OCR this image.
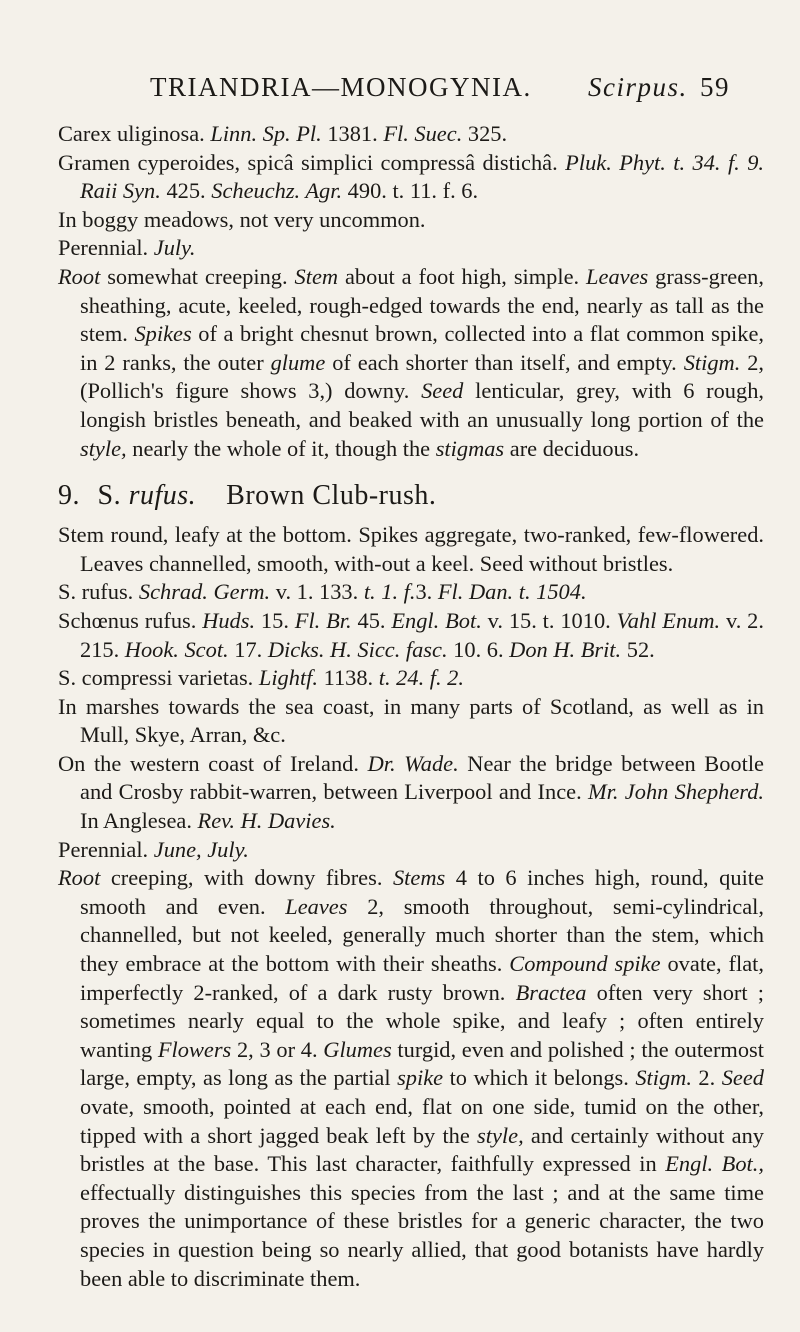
TRIANDRIA—MONOGYNIA. Scirpus. 59

Carex uliginosa. Linn. Sp. Pl. 1381. Fl. Suec. 325.

Gramen cyperoides, spicâ simplici compressâ distichâ. Pluk. Phyt. t. 34. f. 9. Raii Syn. 425. Scheuchz. Agr. 490. t. 11. f. 6.

In boggy meadows, not very uncommon.

Perennial. July.

Root somewhat creeping. Stem about a foot high, simple. Leaves grass-green, sheathing, acute, keeled, rough-edged towards the end, nearly as tall as the stem. Spikes of a bright chesnut brown, collected into a flat common spike, in 2 ranks, the outer glume of each shorter than itself, and empty. Stigm. 2, (Pollich's figure shows 3,) downy. Seed lenticular, grey, with 6 rough, longish bristles beneath, and beaked with an unusually long portion of the style, nearly the whole of it, though the stigmas are deciduous.

9. S. rufus. Brown Club-rush.

Stem round, leafy at the bottom. Spikes aggregate, two-ranked, few-flowered. Leaves channelled, smooth, with-out a keel. Seed without bristles.

S. rufus. Schrad. Germ. v. 1. 133. t. 1. f.3. Fl. Dan. t. 1504.

Schœnus rufus. Huds. 15. Fl. Br. 45. Engl. Bot. v. 15. t. 1010. Vahl Enum. v. 2. 215. Hook. Scot. 17. Dicks. H. Sicc. fasc. 10. 6. Don H. Brit. 52.

S. compressi varietas. Lightf. 1138. t. 24. f. 2.

In marshes towards the sea coast, in many parts of Scotland, as well as in Mull, Skye, Arran, &c.

On the western coast of Ireland. Dr. Wade. Near the bridge between Bootle and Crosby rabbit-warren, between Liverpool and Ince. Mr. John Shepherd. In Anglesea. Rev. H. Davies.

Perennial. June, July.

Root creeping, with downy fibres. Stems 4 to 6 inches high, round, quite smooth and even. Leaves 2, smooth throughout, semi-cylindrical, channelled, but not keeled, generally much shorter than the stem, which they embrace at the bottom with their sheaths. Compound spike ovate, flat, imperfectly 2-ranked, of a dark rusty brown. Bractea often very short ; sometimes nearly equal to the whole spike, and leafy ; often entirely wanting Flowers 2, 3 or 4. Glumes turgid, even and polished ; the outermost large, empty, as long as the partial spike to which it belongs. Stigm. 2. Seed ovate, smooth, pointed at each end, flat on one side, tumid on the other, tipped with a short jagged beak left by the style, and certainly without any bristles at the base. This last character, faithfully expressed in Engl. Bot., effectually distinguishes this species from the last ; and at the same time proves the unimportance of these bristles for a generic character, the two species in question being so nearly allied, that good botanists have hardly been able to discriminate them.
